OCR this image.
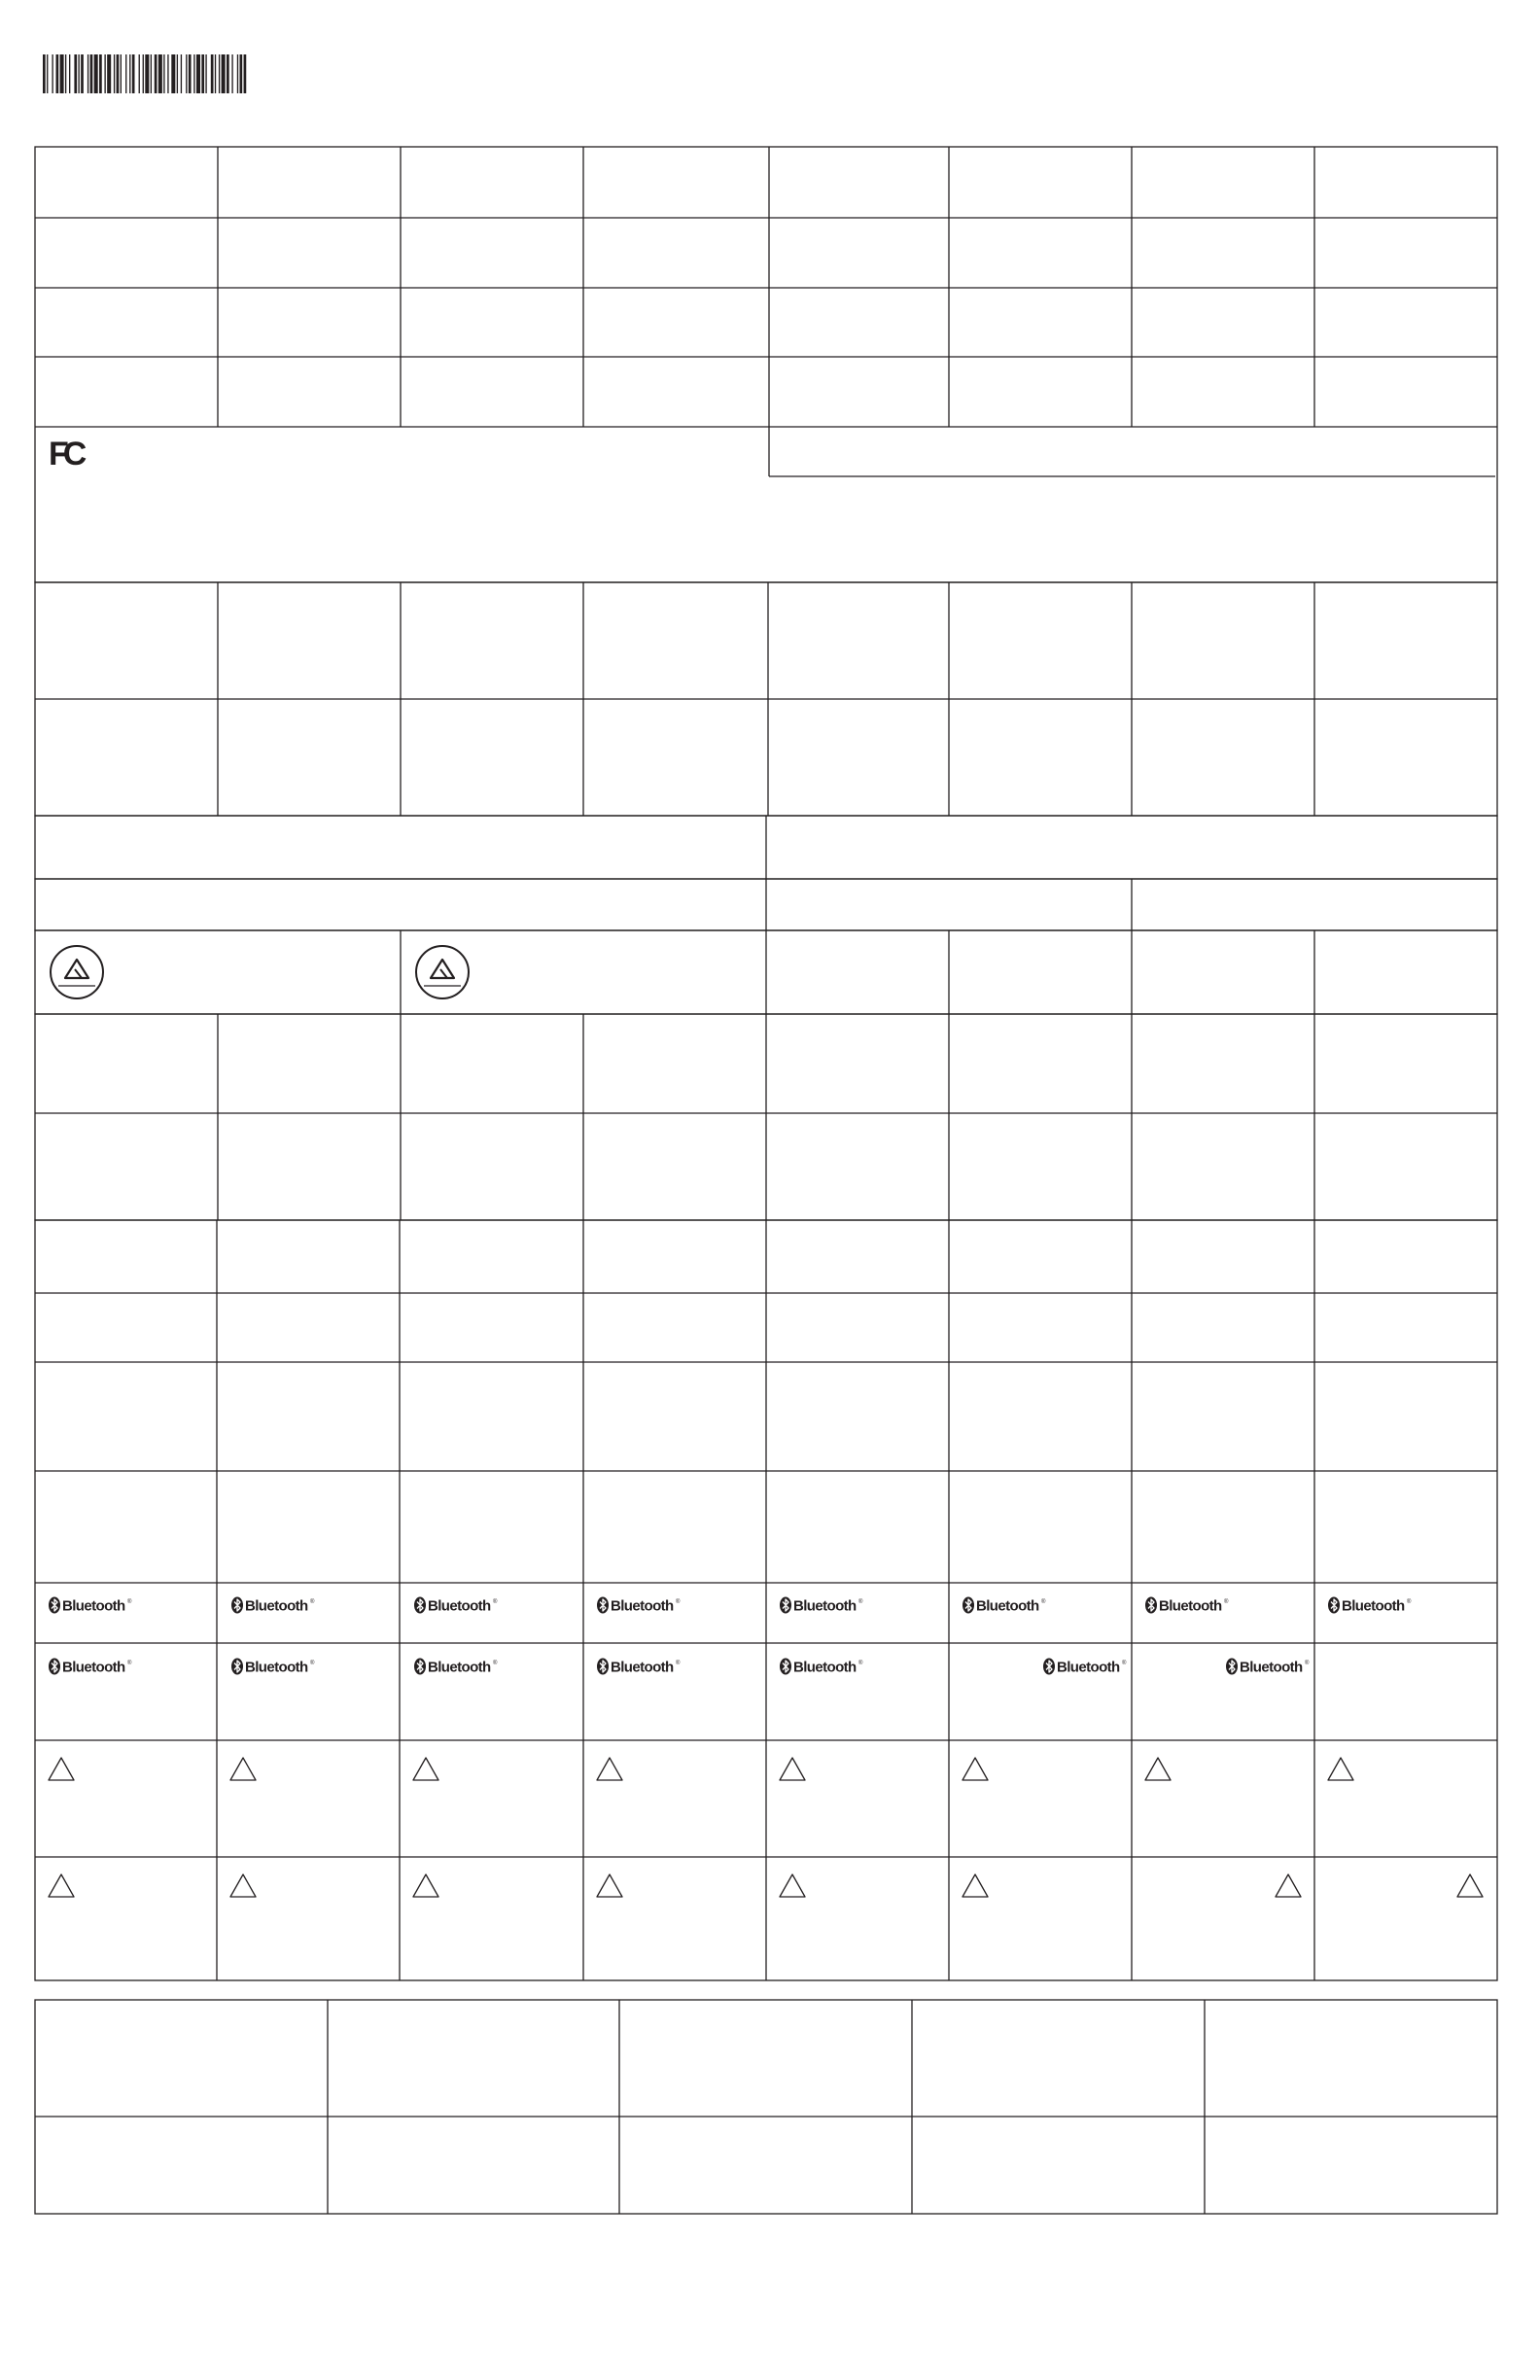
FC
Bluetooth ®	Bluetooth ®	Bluetooth ®	Bluetooth ®	Bluetooth ®	Bluetooth ®	Bluetooth ®	Bluetooth ®
Bluetooth ®	Bluetooth ®	Bluetooth ®	Bluetooth ®	Bluetooth ®	Bluetooth ®	Bluetooth ®
